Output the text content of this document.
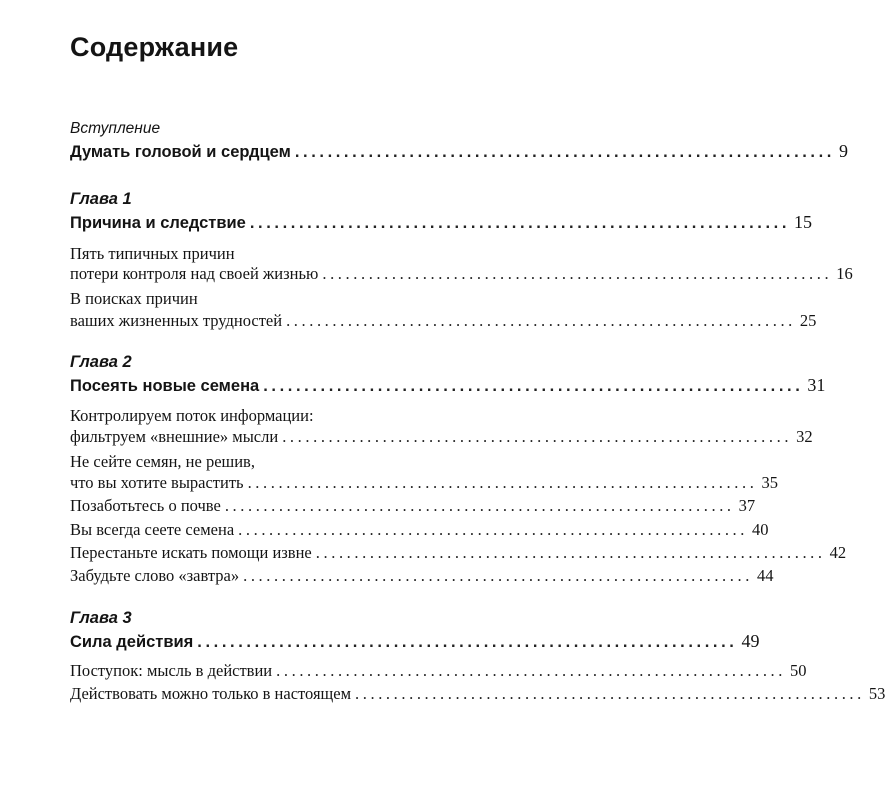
Содержание
Вступление
Думать головой и сердцем .................................................................. 9
Глава 1
Причина и следствие .................................................................. 15
Пять типичных причин
потери контроля над своей жизнью .................................................................. 16
В поисках причин
ваших жизненных трудностей .................................................................. 25
Глава 2
Посеять новые семена .................................................................. 31
Контролируем поток информации:
фильтруем «внешние» мысли .................................................................. 32
Не сейте семян, не решив,
что вы хотите вырастить .................................................................. 35
Позаботьтесь о почве .................................................................. 37
Вы всегда сеете семена .................................................................. 40
Перестаньте искать помощи извне .................................................................. 42
Забудьте слово «завтра» .................................................................. 44
Глава 3
Сила действия .................................................................. 49
Поступок: мысль в действии .................................................................. 50
Действовать можно только в настоящем .................................................................. 53
